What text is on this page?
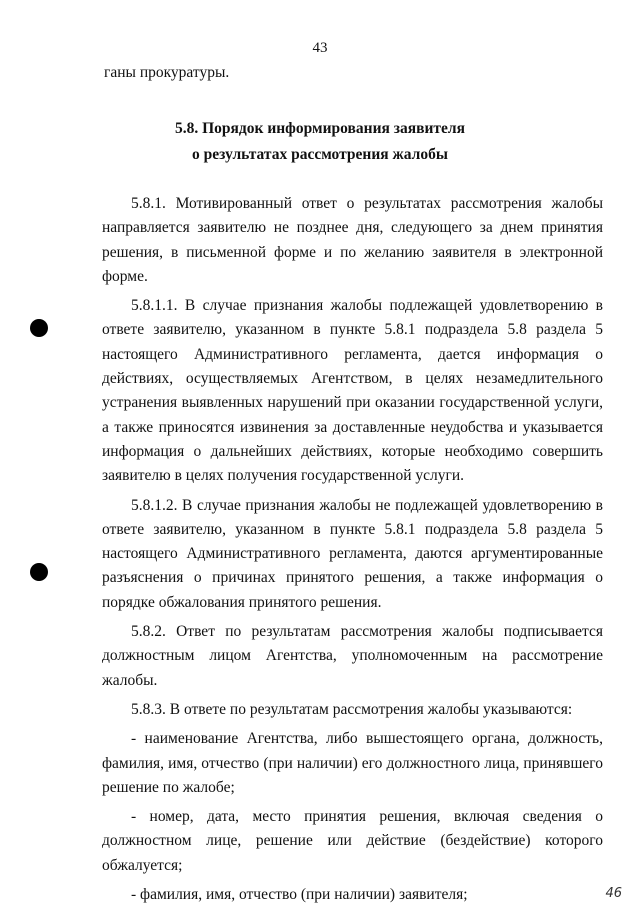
43
ганы прокуратуры.
5.8. Порядок информирования заявителя
о результатах рассмотрения жалобы

5.8.1. Мотивированный ответ о результатах рассмотрения жалобы направляется заявителю не позднее дня, следующего за днем принятия решения, в письменной форме и по желанию заявителя в электронной форме.

5.8.1.1. В случае признания жалобы подлежащей удовлетворению в ответе заявителю, указанном в пункте 5.8.1 подраздела 5.8 раздела 5 настоящего Административного регламента, дается информация о действиях, осуществляемых Агентством, в целях незамедлительного устранения выявленных нарушений при оказании государственной услуги, а также приносятся извинения за доставленные неудобства и указывается информация о дальнейших действиях, которые необходимо совершить заявителю в целях получения государственной услуги.

5.8.1.2. В случае признания жалобы не подлежащей удовлетворению в ответе заявителю, указанном в пункте 5.8.1 подраздела 5.8 раздела 5 настоящего Административного регламента, даются аргументированные разъяснения о причинах принятого решения, а также информация о порядке обжалования принятого решения.

5.8.2. Ответ по результатам рассмотрения жалобы подписывается должностным лицом Агентства, уполномоченным на рассмотрение жалобы.

5.8.3. В ответе по результатам рассмотрения жалобы указываются:

- наименование Агентства, либо вышестоящего органа, должность, фамилия, имя, отчество (при наличии) его должностного лица, принявшего решение по жалобе;

- номер, дата, место принятия решения, включая сведения о должностном лице, решение или действие (бездействие) которого обжалуется;

- фамилия, имя, отчество (при наличии) заявителя;	46
